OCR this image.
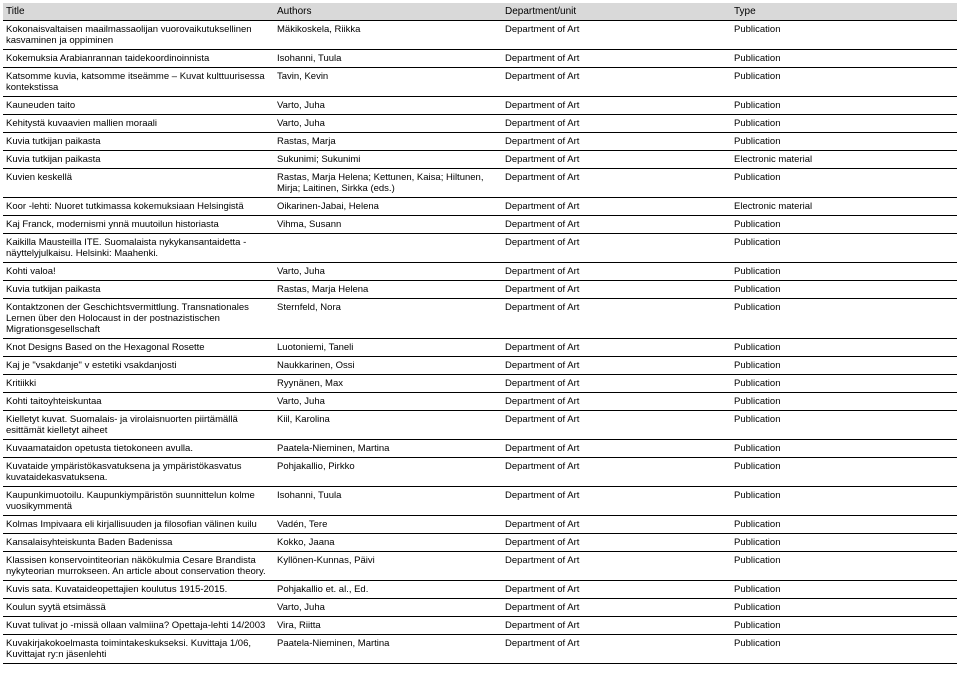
Title	Authors	Department/unit	Type
Kokonaisvaltaisen maailmassaolijan vuorovaikutuksellinen kasvaminen ja oppiminen	Mäkikoskela, Riikka	Department of Art	Publication
Kokemuksia Arabianrannan taidekoordinoinnista	Isohanni, Tuula	Department of Art	Publication
Katsomme kuvia, katsomme itseämme – Kuvat kulttuurisessa kontekstissa	Tavin, Kevin	Department of Art	Publication
Kauneuden taito	Varto, Juha	Department of Art	Publication
Kehitystä kuvaavien mallien moraali	Varto, Juha	Department of Art	Publication
Kuvia tutkijan paikasta	Rastas, Marja	Department of Art	Publication
Kuvia tutkijan paikasta	Sukunimi; Sukunimi	Department of Art	Electronic material
Kuvien keskellä	Rastas, Marja Helena; Kettunen, Kaisa; Hiltunen, Mirja; Laitinen, Sirkka (eds.)	Department of Art	Publication
Koor -lehti: Nuoret tutkimassa kokemuksiaan Helsingistä	Oikarinen-Jabai, Helena	Department of Art	Electronic material
Kaj Franck, modernismi ynnä muutoilun historiasta	Vihma, Susann	Department of Art	Publication
Kaikilla Mausteilla ITE. Suomalaista nykykansantaidetta -näyttelyjulkaisu. Helsinki: Maahenki.		Department of Art	Publication
Kohti valoa!	Varto, Juha	Department of Art	Publication
Kuvia tutkijan paikasta	Rastas, Marja Helena	Department of Art	Publication
Kontaktzonen der Geschichtsvermittlung. Transnationales Lernen über den Holocaust in der postnazistischen Migrationsgesellschaft	Sternfeld, Nora	Department of Art	Publication
Knot Designs Based on the Hexagonal Rosette	Luotoniemi, Taneli	Department of Art	Publication
Kaj je "vsakdanje" v estetiki vsakdanjosti	Naukkarinen, Ossi	Department of Art	Publication
Kritiikki	Ryynänen, Max	Department of Art	Publication
Kohti taitoyhteiskuntaa	Varto, Juha	Department of Art	Publication
Kielletyt kuvat. Suomalais- ja virolaisnuorten piirtämällä esittämät kielletyt aiheet	Kiil, Karolina	Department of Art	Publication
Kuvaamataidon opetusta tietokoneen avulla.	Paatela-Nieminen, Martina	Department of Art	Publication
Kuvataide ympäristökasvatuksena ja ympäristökasvatus kuvataidekasvatuksena.	Pohjakallio, Pirkko	Department of Art	Publication
Kaupunkimuotoilu. Kaupunkiympäristön suunnittelun kolme vuosikymmentä	Isohanni, Tuula	Department of Art	Publication
Kolmas Impivaara eli kirjallisuuden ja filosofian välinen kuilu	Vadén, Tere	Department of Art	Publication
Kansalaisyhteiskunta Baden Badenissa	Kokko, Jaana	Department of Art	Publication
Klassisen konservointiteorian näkökulmia Cesare Brandista nykyteorian murrokseen. An article about conservation theory.	Kyllönen-Kunnas, Päivi	Department of Art	Publication
Kuvis sata. Kuvataideopettajien koulutus 1915-2015.	Pohjakallio et. al., Ed.	Department of Art	Publication
Koulun syytä etsimässä	Varto, Juha	Department of Art	Publication
Kuvat tulivat jo -missä ollaan valmiina? Opettaja-lehti 14/2003	Vira, Riitta	Department of Art	Publication
Kuvakirjakokoelmasta toimintakeskukseksi. Kuvittaja 1/06, Kuvittajat ry:n jäsenlehti	Paatela-Nieminen, Martina	Department of Art	Publication
